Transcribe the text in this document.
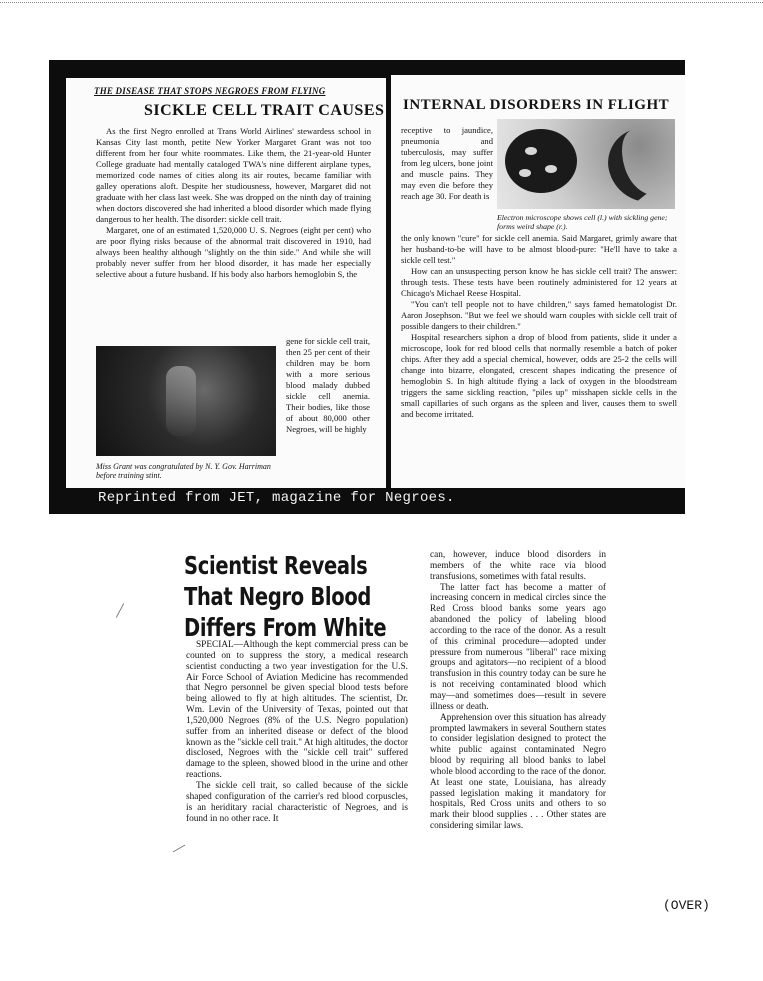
THE DISEASE THAT STOPS NEGROES FROM FLYING
SICKLE CELL TRAIT CAUSES

As the first Negro enrolled at Trans World Airlines' stewardess school in Kansas City last month, petite New Yorker Margaret Grant was not too different from her four white roommates. Like them, the 21-year-old Hunter College graduate had mentally cataloged TWA's nine different airplane types, memorized code names of cities along its air routes, became familiar with galley operations aloft. Despite her studiousness, however, Margaret did not graduate with her class last week. She was dropped on the ninth day of training when doctors discovered she had inherited a blood disorder which made flying dangerous to her health. The disorder: sickle cell trait.

Margaret, one of an estimated 1,520,000 U. S. Negroes (eight per cent) who are poor flying risks because of the abnormal trait discovered in 1910, had always been healthy although "slightly on the thin side." And while she will probably never suffer from her blood disorder, it has made her especially selective about a future husband. If his body also harbors hemoglobin S, the

gene for sickle cell trait, then 25 per cent of their children may be born with a more serious blood malady dubbed sickle cell anemia. Their bodies, like those of about 80,000 other Negroes, will be highly
Miss Grant was congratulated by N. Y. Gov. Harriman before training stint.
INTERNAL DISORDERS IN FLIGHT
receptive to jaundice, pneumonia and tuberculosis, may suffer from leg ulcers, bone joint and muscle pains. They may even die before they reach age 30. For death is
Electron microscope shows cell (l.) with sickling gene; forms weird shape (r.).

the only known "cure" for sickle cell anemia. Said Margaret, grimly aware that her husband-to-be will have to be almost blood-pure: "He'll have to take a sickle cell test."

How can an unsuspecting person know he has sickle cell trait? The answer: through tests. These tests have been routinely administered for 12 years at Chicago's Michael Reese Hospital.

"You can't tell people not to have children," says famed hematologist Dr. Aaron Josephson. "But we feel we should warn couples with sickle cell trait of possible dangers to their children."

Hospital researchers siphon a drop of blood from patients, slide it under a microscope, look for red blood cells that normally resemble a batch of poker chips. After they add a special chemical, however, odds are 25-2 the cells will change into bizarre, elongated, crescent shapes indicating the presence of hemoglobin S. In high altitude flying a lack of oxygen in the bloodstream triggers the same sickling reaction, "piles up" misshapen sickle cells in the small capillaries of such organs as the spleen and liver, causes them to swell and become irritated.

Reprinted from JET, magazine for Negroes.
Scientist Reveals
That Negro Blood
Differs From White

SPECIAL—Although the kept commercial press can be counted on to suppress the story, a medical research scientist conducting a two year investigation for the U.S. Air Force School of Aviation Medicine has recommended that Negro personnel be given special blood tests before being allowed to fly at high altitudes. The scientist, Dr. Wm. Levin of the University of Texas, pointed out that 1,520,000 Negroes (8% of the U.S. Negro population) suffer from an inherited disease or defect of the blood known as the "sickle cell trait." At high altitudes, the doctor disclosed, Negroes with the "sickle cell trait" suffered damage to the spleen, showed blood in the urine and other reactions.

The sickle cell trait, so called because of the sickle shaped configuration of the carrier's red blood corpuscles, is an heriditary racial characteristic of Negroes, and is found in no other race. It

can, however, induce blood disorders in members of the white race via blood transfusions, sometimes with fatal results.

The latter fact has become a matter of increasing concern in medical circles since the Red Cross blood banks some years ago abandoned the policy of labeling blood according to the race of the donor. As a result of this criminal procedure—adopted under pressure from numerous "liberal" race mixing groups and agitators—no recipient of a blood transfusion in this country today can be sure he is not receiving contaminated blood which may—and sometimes does—result in severe illness or death.

Apprehension over this situation has already prompted lawmakers in several Southern states to consider legislation designed to protect the white public against contaminated Negro blood by requiring all blood banks to label whole blood according to the race of the donor. At least one state, Louisiana, has already passed legislation making it mandatory for hospitals, Red Cross units and others to so mark their blood supplies . . . Other states are considering similar laws.

(OVER)
